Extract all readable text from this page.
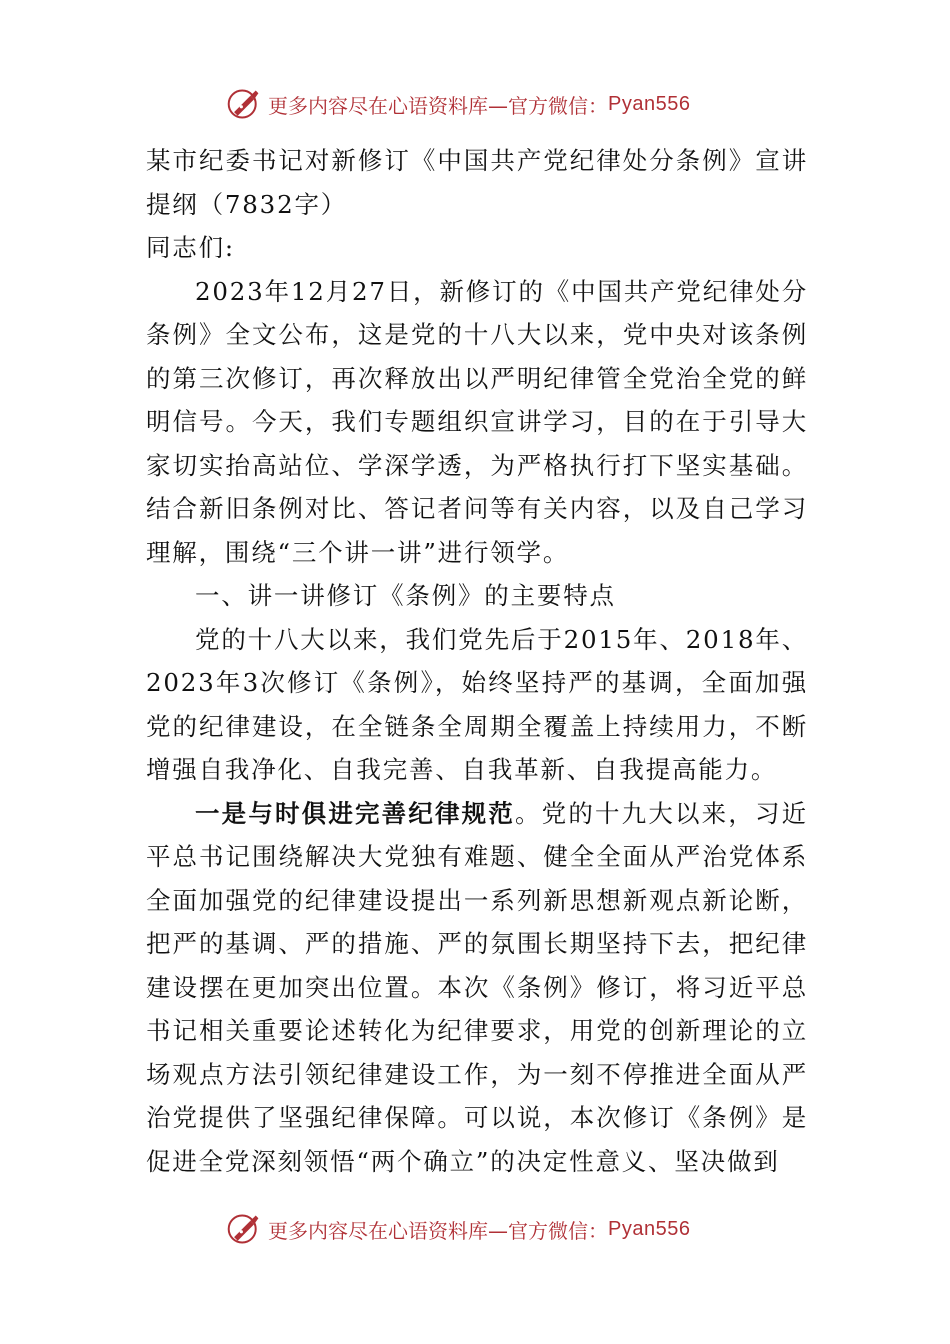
更多内容尽在心语资料库—官方微信： Pyan556

某市纪委书记对新修订《中国共产党纪律处分条例》宣讲提纲（7832字）

同志们:

2023年12月27日，新修订的《中国共产党纪律处分条例》全文公布，这是党的十八大以来，党中央对该条例的第三次修订，再次释放出以严明纪律管全党治全党的鲜明信号。今天，我们专题组织宣讲学习，目的在于引导大家切实抬高站位、学深学透，为严格执行打下坚实基础。结合新旧条例对比、答记者问等有关内容，以及自己学习理解，围绕“三个讲一讲”进行领学。

一、讲一讲修订《条例》的主要特点

党的十八大以来，我们党先后于2015年、2018年、2023年3次修订《条例》，始终坚持严的基调，全面加强党的纪律建设，在全链条全周期全覆盖上持续用力，不断增强自我净化、自我完善、自我革新、自我提高能力。

一是与时俱进完善纪律规范。党的十九大以来，习近平总书记围绕解决大党独有难题、健全全面从严治党体系全面加强党的纪律建设提出一系列新思想新观点新论断，把严的基调、严的措施、严的氛围长期坚持下去，把纪律建设摆在更加突出位置。本次《条例》修订，将习近平总书记相关重要论述转化为纪律要求，用党的创新理论的立场观点方法引领纪律建设工作，为一刻不停推进全面从严治党提供了坚强纪律保障。可以说，本次修订《条例》是促进全党深刻领悟“两个确立”的决定性意义、坚决做到

更多内容尽在心语资料库—官方微信： Pyan556
